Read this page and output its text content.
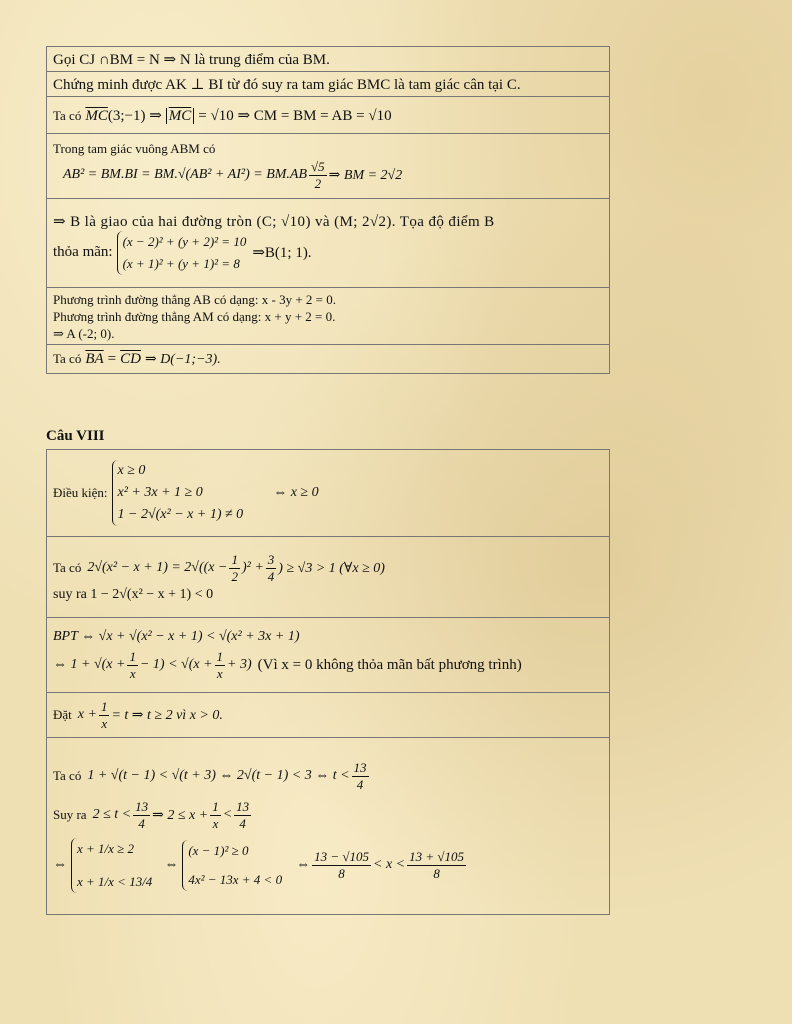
Gọi CJ ∩BM = N ⇒ N là trung điểm của BM.
Chứng minh được AK ⊥ BI từ đó suy ra tam giác BMC là tam giác cân tại C.
Ta có $\overline{MC}(3;-1)$ ⇒ $\overline{MC} = √10$ ⇒ CM = BM = AB = √10

Trong tam giác vuông ABM có
$AB^2 = BM.BI = BM.√(AB^2 + AI^2) = BM.AB \frac{√5}{2}$ ⇒ BM = 2√2

⇒ B là giao của hai đường tròn (C; √10) và (M; 2√2). Tọa độ điểm B
thỏa mãn:
(x − 2)² + (y + 2)² = 10
(x + 1)² + (y + 1)² = 8
⇒B(1; 1).

Phương trình đường thẳng AB có dạng: x - 3y + 2 = 0.
Phương trình đường thẳng AM có dạng: x + y + 2 = 0.
⇒ A (-2; 0).

Ta có $\overline{BA} = \overline{CD}$ ⇒ D(−1;−3).
Câu VIII
Điều kiện:
x ≥ 0
x² + 3x + 1 ≥ 0
1 − 2√(x² − x + 1) ≠ 0
⇔ x ≥ 0

Ta có $2√(x^2 - x + 1) = 2√((x - \frac{1}{2} )^2 + \frac{3}{4}$ ) ≥ √3 > 1 (∀x ≥ 0)
suy ra 1 − 2√(x² − x + 1) < 0

BPT ⇔ √x + √(x² − x + 1) < √(x² + 3x + 1)
⇔ $1 + √(x + \frac{1}{x} - 1) < √(x + \frac{1}{x} + 3)$ (Vì x = 0 không thỏa mãn bất phương trình)

Đặt $x + \frac{1}{x} = t$ ⇒ t ≥ 2 vì x > 0.

Ta có 1 + √(t − 1) < √(t + 3) ⇔ 2√(t − 1) < 3 ⇔ $t < \frac{13}{4}$
Suy ra $2 \le t < \frac{13}{4}$ ⇒ $2 \le x + \frac{1}{x} < \frac{13}{4}$
⇔
x + 1/x ≥ 2
x + 1/x < 13/4
⇔
(x − 1)² ≥ 0
4x² − 13x + 4 < 0
⇔ $\frac{13 - √105}{8} < x < \frac{13 + √105}{8}$
